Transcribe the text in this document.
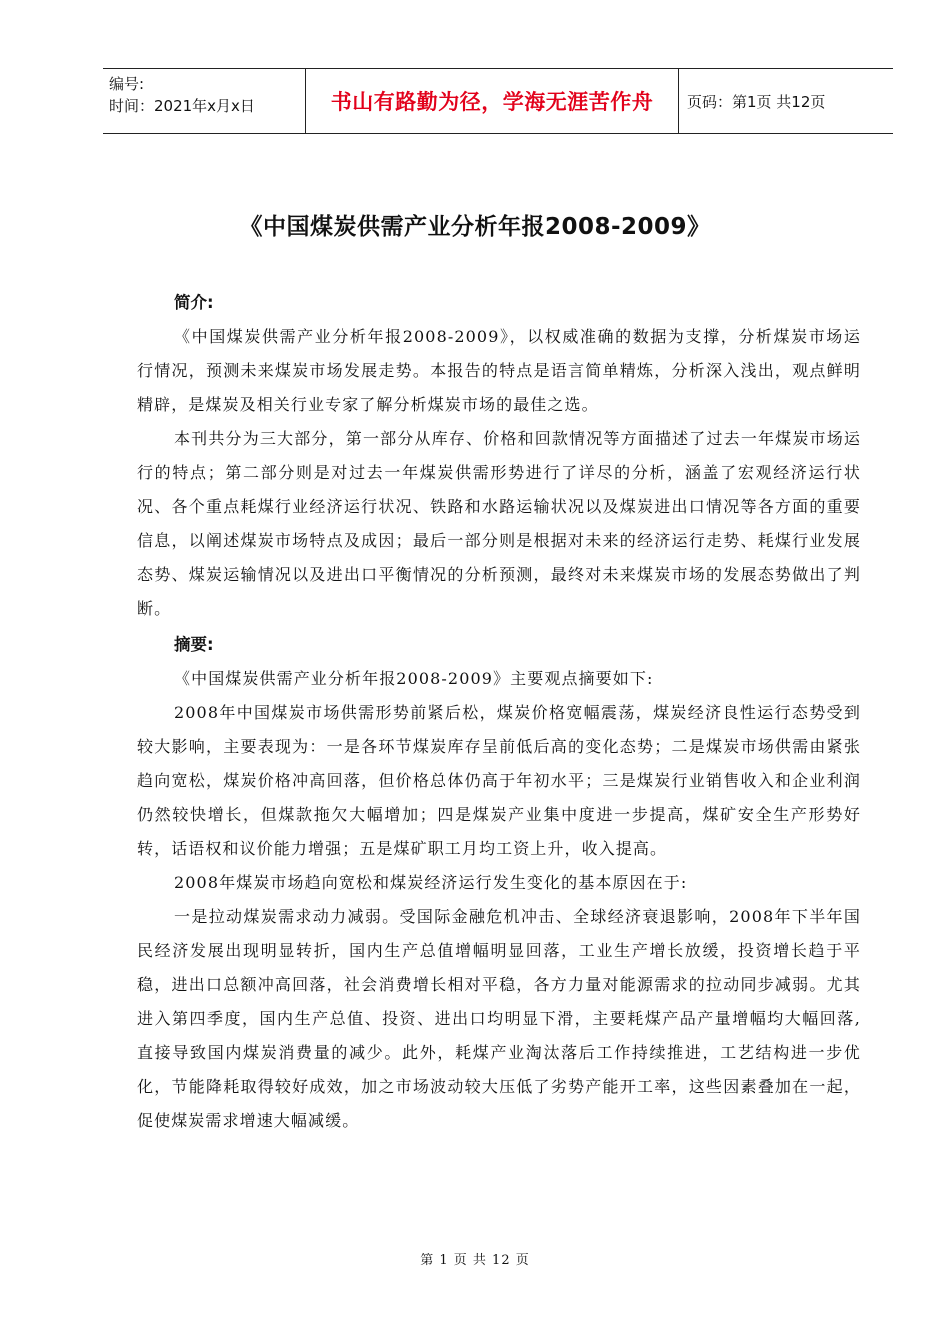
编号:
时间：2021年x月x日	书山有路勤为径，学海无涯苦作舟 页码：第1页 共12页
《中国煤炭供需产业分析年报2008-2009》
简介:

《中国煤炭供需产业分析年报2008-2009》，以权威准确的数据为支撑，分析煤炭市场运行情况，预测未来煤炭市场发展走势。本报告的特点是语言简单精炼，分析深入浅出，观点鲜明精辟，是煤炭及相关行业专家了解分析煤炭市场的最佳之选。

本刊共分为三大部分，第一部分从库存、价格和回款情况等方面描述了过去一年煤炭市场运行的特点；第二部分则是对过去一年煤炭供需形势进行了详尽的分析，涵盖了宏观经济运行状况、各个重点耗煤行业经济运行状况、铁路和水路运输状况以及煤炭进出口情况等各方面的重要信息，以阐述煤炭市场特点及成因；最后一部分则是根据对未来的经济运行走势、耗煤行业发展态势、煤炭运输情况以及进出口平衡情况的分析预测，最终对未来煤炭市场的发展态势做出了判断。

摘要:

《中国煤炭供需产业分析年报2008-2009》主要观点摘要如下:

2008年中国煤炭市场供需形势前紧后松，煤炭价格宽幅震荡，煤炭经济良性运行态势受到较大影响，主要表现为：一是各环节煤炭库存呈前低后高的变化态势；二是煤炭市场供需由紧张趋向宽松，煤炭价格冲高回落，但价格总体仍高于年初水平；三是煤炭行业销售收入和企业利润仍然较快增长，但煤款拖欠大幅增加；四是煤炭产业集中度进一步提高，煤矿安全生产形势好转，话语权和议价能力增强；五是煤矿职工月均工资上升，收入提高。

2008年煤炭市场趋向宽松和煤炭经济运行发生变化的基本原因在于:

一是拉动煤炭需求动力减弱。受国际金融危机冲击、全球经济衰退影响，2008年下半年国民经济发展出现明显转折，国内生产总值增幅明显回落，工业生产增长放缓，投资增长趋于平稳，进出口总额冲高回落，社会消费增长相对平稳，各方力量对能源需求的拉动同步减弱。尤其进入第四季度，国内生产总值、投资、进出口均明显下滑，主要耗煤产品产量增幅均大幅回落,直接导致国内煤炭消费量的减少。此外，耗煤产业淘汰落后工作持续推进，工艺结构进一步优化，节能降耗取得较好成效，加之市场波动较大压低了劣势产能开工率，这些因素叠加在一起，促使煤炭需求增速大幅减缓。

第 1 页 共 12 页
